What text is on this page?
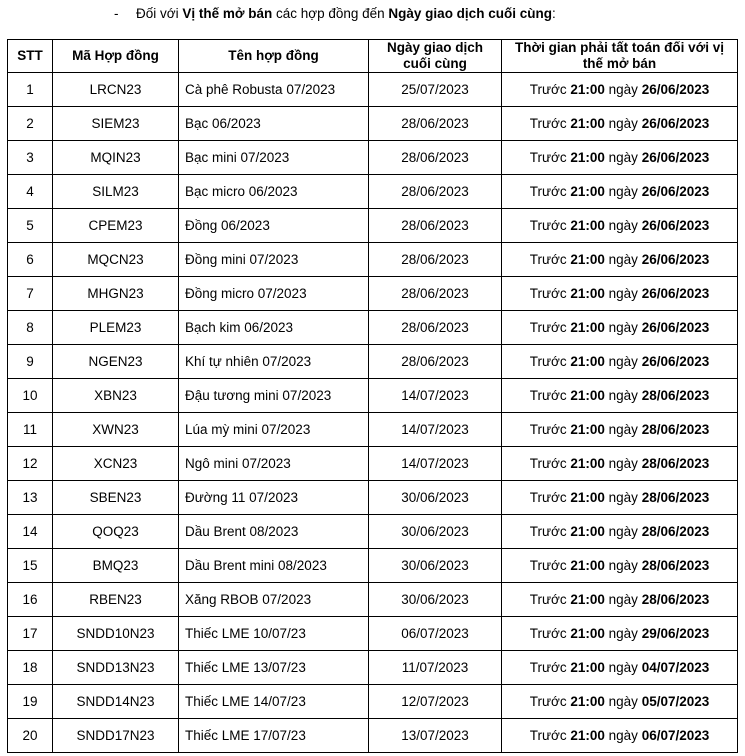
- Đối với Vị thế mở bán các hợp đồng đến Ngày giao dịch cuối cùng:
STT	Mã Hợp đồng	Tên hợp đồng	Ngày giao dịch cuối cùng	Thời gian phải tất toán đối với vị thế mở bán
1	LRCN23	Cà phê Robusta 07/2023	25/07/2023	Trước 21:00 ngày 26/06/2023
2	SIEM23	Bạc 06/2023	28/06/2023	Trước 21:00 ngày 26/06/2023
3	MQIN23	Bạc mini 07/2023	28/06/2023	Trước 21:00 ngày 26/06/2023
4	SILM23	Bạc micro 06/2023	28/06/2023	Trước 21:00 ngày 26/06/2023
5	CPEM23	Đồng 06/2023	28/06/2023	Trước 21:00 ngày 26/06/2023
6	MQCN23	Đồng mini 07/2023	28/06/2023	Trước 21:00 ngày 26/06/2023
7	MHGN23	Đồng micro 07/2023	28/06/2023	Trước 21:00 ngày 26/06/2023
8	PLEM23	Bạch kim 06/2023	28/06/2023	Trước 21:00 ngày 26/06/2023
9	NGEN23	Khí tự nhiên 07/2023	28/06/2023	Trước 21:00 ngày 26/06/2023
10	XBN23	Đậu tương mini 07/2023	14/07/2023	Trước 21:00 ngày 28/06/2023
11	XWN23	Lúa mỳ mini 07/2023	14/07/2023	Trước 21:00 ngày 28/06/2023
12	XCN23	Ngô mini 07/2023	14/07/2023	Trước 21:00 ngày 28/06/2023
13	SBEN23	Đường 11 07/2023	30/06/2023	Trước 21:00 ngày 28/06/2023
14	QOQ23	Dầu Brent 08/2023	30/06/2023	Trước 21:00 ngày 28/06/2023
15	BMQ23	Dầu Brent mini 08/2023	30/06/2023	Trước 21:00 ngày 28/06/2023
16	RBEN23	Xăng RBOB 07/2023	30/06/2023	Trước 21:00 ngày 28/06/2023
17	SNDD10N23	Thiếc LME 10/07/23	06/07/2023	Trước 21:00 ngày 29/06/2023
18	SNDD13N23	Thiếc LME 13/07/23	11/07/2023	Trước 21:00 ngày 04/07/2023
19	SNDD14N23	Thiếc LME 14/07/23	12/07/2023	Trước 21:00 ngày 05/07/2023
20	SNDD17N23	Thiếc LME 17/07/23	13/07/2023	Trước 21:00 ngày 06/07/2023
